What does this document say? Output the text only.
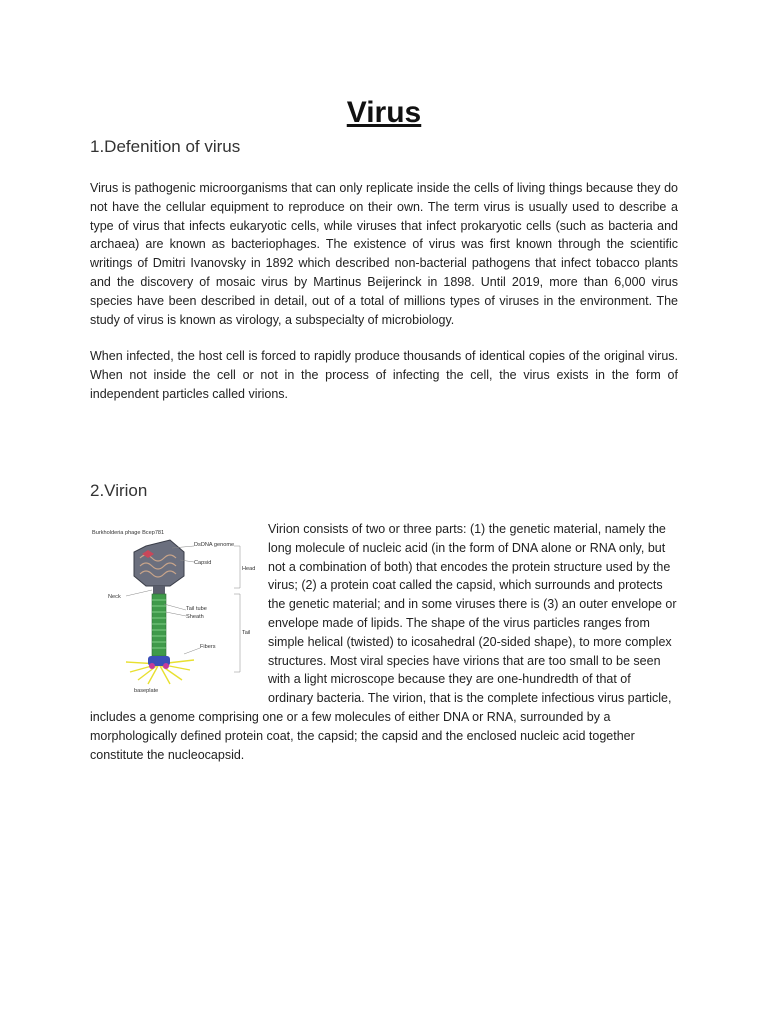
Virus
1.Defenition of virus

Virus is pathogenic microorganisms that can only replicate inside the cells of living things because they do not have the cellular equipment to reproduce on their own. The term virus is usually used to describe a type of virus that infects eukaryotic cells, while viruses that infect prokaryotic cells (such as bacteria and archaea) are known as bacteriophages. The existence of virus was first known through the scientific writings of Dmitri Ivanovsky in 1892 which described non-bacterial pathogens that infect tobacco plants and the discovery of mosaic virus by Martinus Beijerinck in 1898. Until 2019, more than 6,000 virus species have been described in detail, out of a total of millions types of viruses in the environment. The study of virus is known as virology, a subspecialty of microbiology.

When infected, the host cell is forced to rapidly produce thousands of identical copies of the original virus. When not inside the cell or not in the process of infecting the cell, the virus exists in the form of independent particles called virions.

2.Virion
Burkholderia phage Bcep781
DsDNA genome
Capsid
Head
Neck
Tail tube
Sheath
Tail
Fibers
baseplate

Virion consists of two or three parts: (1) the genetic material, namely the long molecule of nucleic acid (in the form of DNA alone or RNA only, but not a combination of both) that encodes the protein structure used by the virus; (2) a protein coat called the capsid, which surrounds and protects the genetic material; and in some viruses there is (3) an outer envelope or envelope made of lipids. The shape of the virus particles ranges from simple helical (twisted) to icosahedral (20-sided shape), to more complex structures. Most viral species have virions that are too small to be seen with a light microscope because they are one-hundredth of that of ordinary bacteria. The virion, that is the complete infectious virus particle, includes a genome comprising one or a few molecules of either DNA or RNA, surrounded by a morphologically defined protein coat, the capsid; the capsid and the enclosed nucleic acid together constitute the nucleocapsid.
